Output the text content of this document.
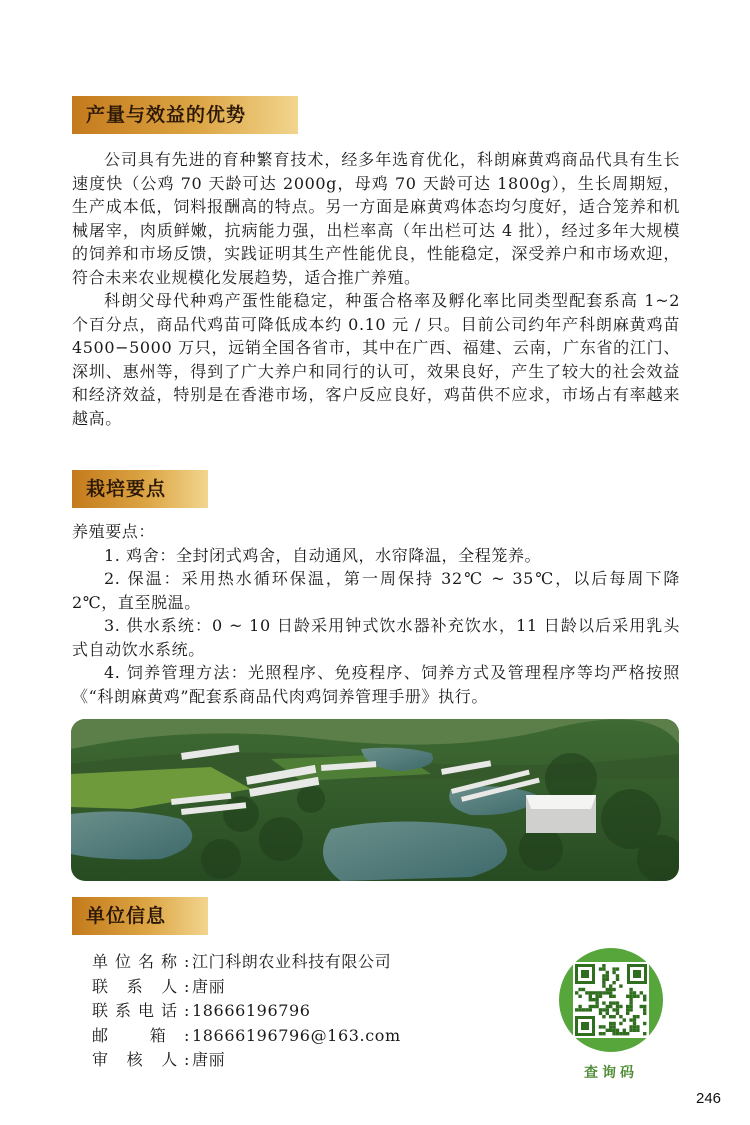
产量与效益的优势

公司具有先进的育种繁育技术，经多年选育优化，科朗麻黄鸡商品代具有生长速度快（公鸡 70 天龄可达 2000g，母鸡 70 天龄可达 1800g），生长周期短，生产成本低，饲料报酬高的特点。另一方面是麻黄鸡体态均匀度好，适合笼养和机械屠宰，肉质鲜嫩，抗病能力强，出栏率高（年出栏可达 4 批），经过多年大规模的饲养和市场反馈，实践证明其生产性能优良，性能稳定，深受养户和市场欢迎，符合未来农业规模化发展趋势，适合推广养殖。

科朗父母代种鸡产蛋性能稳定，种蛋合格率及孵化率比同类型配套系高 1~2 个百分点，商品代鸡苗可降低成本约 0.10 元 / 只。目前公司约年产科朗麻黄鸡苗 4500−5000 万只，远销全国各省市，其中在广西、福建、云南，广东省的江门、深圳、惠州等，得到了广大养户和同行的认可，效果良好，产生了较大的社会效益和经济效益，特别是在香港市场，客户反应良好，鸡苗供不应求，市场占有率越来越高。

栽培要点

养殖要点：

1. 鸡舍：全封闭式鸡舍，自动通风，水帘降温，全程笼养。

2. 保温：采用热水循环保温，第一周保持 32℃ ~ 35℃，以后每周下降 2℃，直至脱温。

3. 供水系统：0 ~ 10 日龄采用钟式饮水器补充饮水，11 日龄以后采用乳头式自动饮水系统。

4. 饲养管理方法：光照程序、免疫程序、饲养方式及管理程序等均严格按照《“科朗麻黄鸡”配套系商品代肉鸡饲养管理手册》执行。

单位信息
单位名称: 江门科朗农业科技有限公司
联 系 人: 唐丽
联系电话: 18666196796
邮 箱: 18666196796@163.com
审 核 人: 唐丽
查询码
246
